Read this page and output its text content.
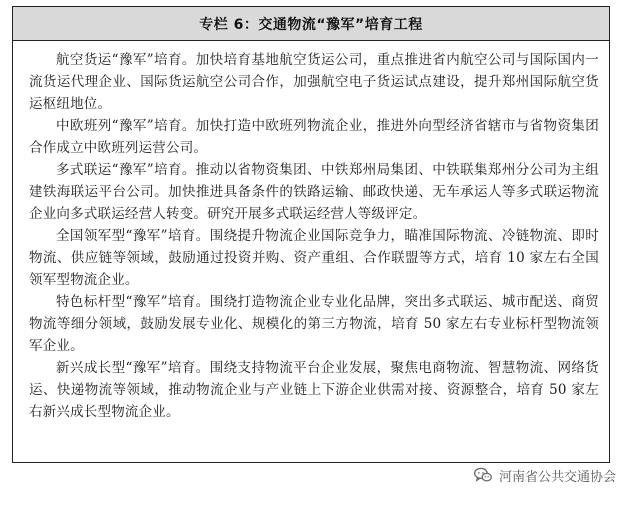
专栏 6：交通物流“豫军”培育工程

航空货运“豫军”培育。加快培育基地航空货运公司，重点推进省内航空公司与国际国内一流货运代理企业、国际货运航空公司合作，加强航空电子货运试点建设，提升郑州国际航空货运枢纽地位。

中欧班列“豫军”培育。加快打造中欧班列物流企业，推进外向型经济省辖市与省物资集团合作成立中欧班列运营公司。

多式联运“豫军”培育。推动以省物资集团、中铁郑州局集团、中铁联集郑州分公司为主组建铁海联运平台公司。加快推进具备条件的铁路运输、邮政快递、无车承运人等多式联运物流企业向多式联运经营人转变。研究开展多式联运经营人等级评定。

全国领军型“豫军”培育。围绕提升物流企业国际竞争力，瞄准国际物流、冷链物流、即时物流、供应链等领域，鼓励通过投资并购、资产重组、合作联盟等方式，培育 10 家左右全国领军型物流企业。

特色标杆型“豫军”培育。围绕打造物流企业专业化品牌，突出多式联运、城市配送、商贸物流等细分领域，鼓励发展专业化、规模化的第三方物流，培育 50 家左右专业标杆型物流领军企业。

新兴成长型“豫军”培育。围绕支持物流平台企业发展，聚焦电商物流、智慧物流、网络货运、快递物流等领域，推动物流企业与产业链上下游企业供需对接、资源整合，培育 50 家左右新兴成长型物流企业。

河南省公共交通协会
